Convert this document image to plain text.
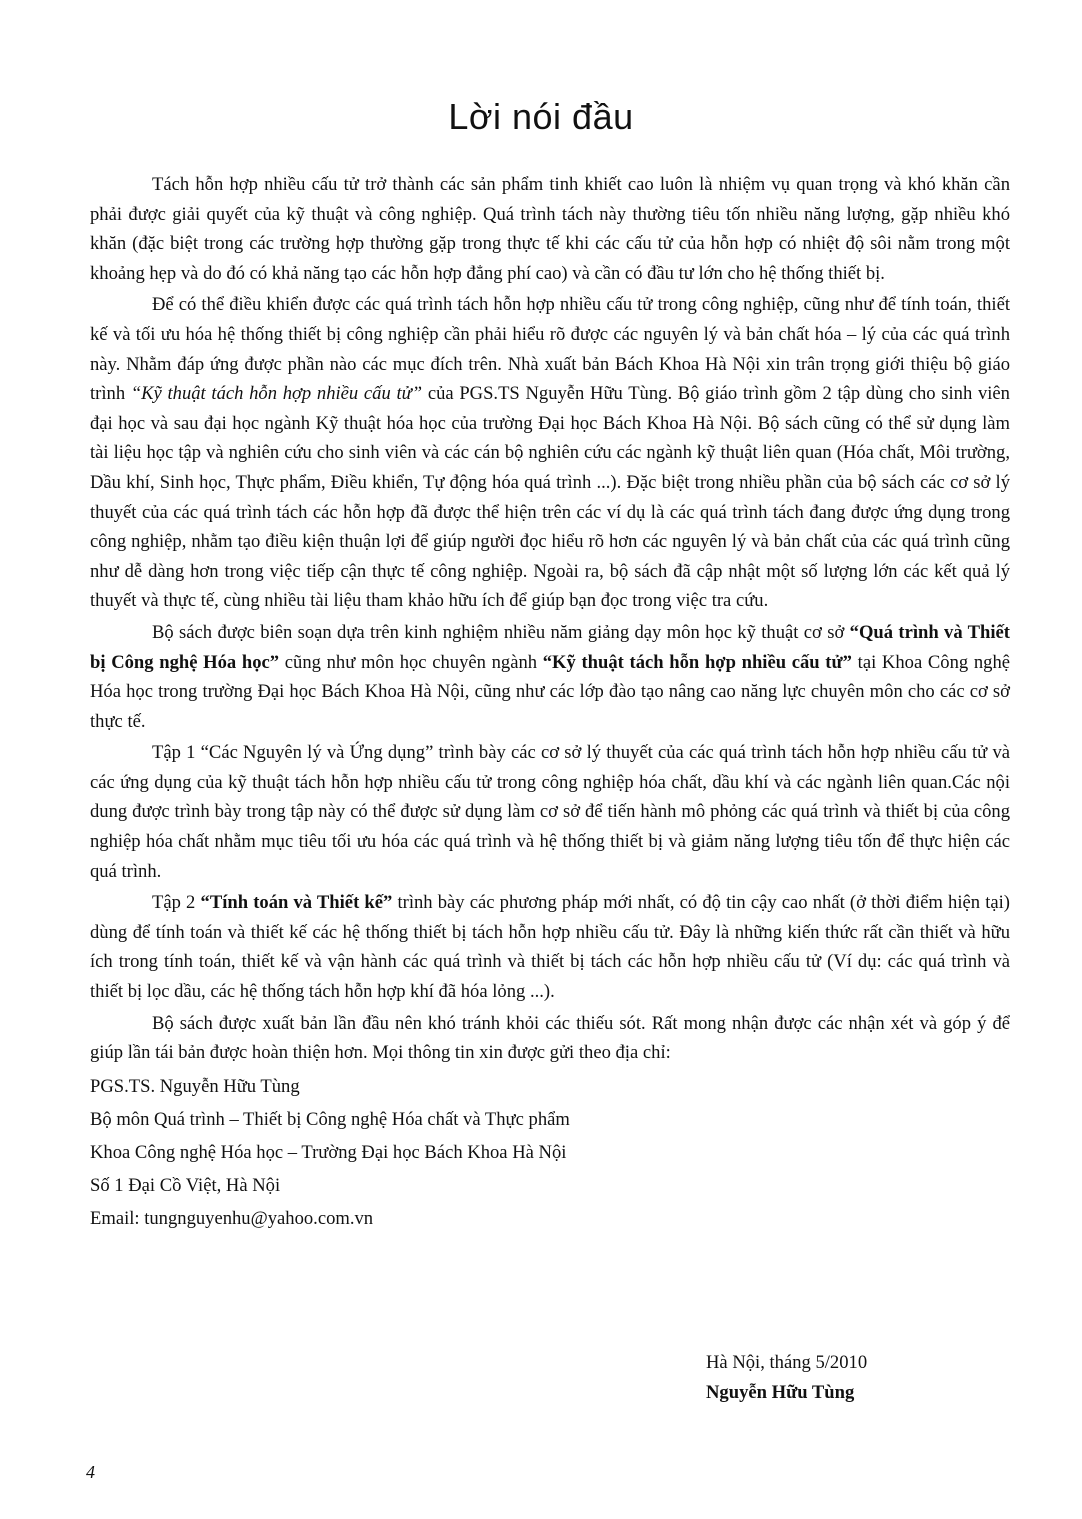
Lời nói đầu

Tách hỗn hợp nhiều cấu tử trở thành các sản phẩm tinh khiết cao luôn là nhiệm vụ quan trọng và khó khăn cần phải được giải quyết của kỹ thuật và công nghiệp. Quá trình tách này thường tiêu tốn nhiều năng lượng, gặp nhiều khó khăn (đặc biệt trong các trường hợp thường gặp trong thực tế khi các cấu tử của hỗn hợp có nhiệt độ sôi nằm trong một khoảng hẹp và do đó có khả năng tạo các hỗn hợp đẳng phí cao) và cần có đầu tư lớn cho hệ thống thiết bị.

Để có thể điều khiển được các quá trình tách hỗn hợp nhiều cấu tử trong công nghiệp, cũng như để tính toán, thiết kế và tối ưu hóa hệ thống thiết bị công nghiệp cần phải hiểu rõ được các nguyên lý và bản chất hóa – lý của các quá trình này. Nhằm đáp ứng được phần nào các mục đích trên. Nhà xuất bản Bách Khoa Hà Nội xin trân trọng giới thiệu bộ giáo trình “Kỹ thuật tách hỗn hợp nhiều cấu tử” của PGS.TS Nguyễn Hữu Tùng. Bộ giáo trình gồm 2 tập dùng cho sinh viên đại học và sau đại học ngành Kỹ thuật hóa học của trường Đại học Bách Khoa Hà Nội. Bộ sách cũng có thể sử dụng làm tài liệu học tập và nghiên cứu cho sinh viên và các cán bộ nghiên cứu các ngành kỹ thuật liên quan (Hóa chất, Môi trường, Dầu khí, Sinh học, Thực phẩm, Điều khiển, Tự động hóa quá trình ...). Đặc biệt trong nhiều phần của bộ sách các cơ sở lý thuyết của các quá trình tách các hỗn hợp đã được thể hiện trên các ví dụ là các quá trình tách đang được ứng dụng trong công nghiệp, nhằm tạo điều kiện thuận lợi để giúp người đọc hiểu rõ hơn các nguyên lý và bản chất của các quá trình cũng như dễ dàng hơn trong việc tiếp cận thực tế công nghiệp. Ngoài ra, bộ sách đã cập nhật một số lượng lớn các kết quả lý thuyết và thực tế, cùng nhiều tài liệu tham khảo hữu ích để giúp bạn đọc trong việc tra cứu.

Bộ sách được biên soạn dựa trên kinh nghiệm nhiều năm giảng dạy môn học kỹ thuật cơ sở “Quá trình và Thiết bị Công nghệ Hóa học” cũng như môn học chuyên ngành “Kỹ thuật tách hỗn hợp nhiều cấu tử” tại Khoa Công nghệ Hóa học trong trường Đại học Bách Khoa Hà Nội, cũng như các lớp đào tạo nâng cao năng lực chuyên môn cho các cơ sở thực tế.

Tập 1 “Các Nguyên lý và Ứng dụng” trình bày các cơ sở lý thuyết của các quá trình tách hỗn hợp nhiều cấu tử và các ứng dụng của kỹ thuật tách hỗn hợp nhiều cấu tử trong công nghiệp hóa chất, dầu khí và các ngành liên quan.Các nội dung được trình bày trong tập này có thể được sử dụng làm cơ sở để tiến hành mô phỏng các quá trình và thiết bị của công nghiệp hóa chất nhằm mục tiêu tối ưu hóa các quá trình và hệ thống thiết bị và giảm năng lượng tiêu tốn để thực hiện các quá trình.

Tập 2 “Tính toán và Thiết kế” trình bày các phương pháp mới nhất, có độ tin cậy cao nhất (ở thời điểm hiện tại) dùng để tính toán và thiết kế các hệ thống thiết bị tách hỗn hợp nhiều cấu tử. Đây là những kiến thức rất cần thiết và hữu ích trong tính toán, thiết kế và vận hành các quá trình và thiết bị tách các hỗn hợp nhiều cấu tử (Ví dụ: các quá trình và thiết bị lọc dầu, các hệ thống tách hỗn hợp khí đã hóa lỏng ...).

Bộ sách được xuất bản lần đầu nên khó tránh khỏi các thiếu sót. Rất mong nhận được các nhận xét và góp ý để giúp lần tái bản được hoàn thiện hơn. Mọi thông tin xin được gửi theo địa chỉ:

PGS.TS. Nguyễn Hữu Tùng
Bộ môn Quá trình – Thiết bị Công nghệ Hóa chất và Thực phẩm
Khoa Công nghệ Hóa học – Trường Đại học Bách Khoa Hà Nội
Số 1 Đại Cồ Việt, Hà Nội
Email: tungnguyenhu@yahoo.com.vn
Hà Nội, tháng 5/2010
Nguyễn Hữu Tùng
4
